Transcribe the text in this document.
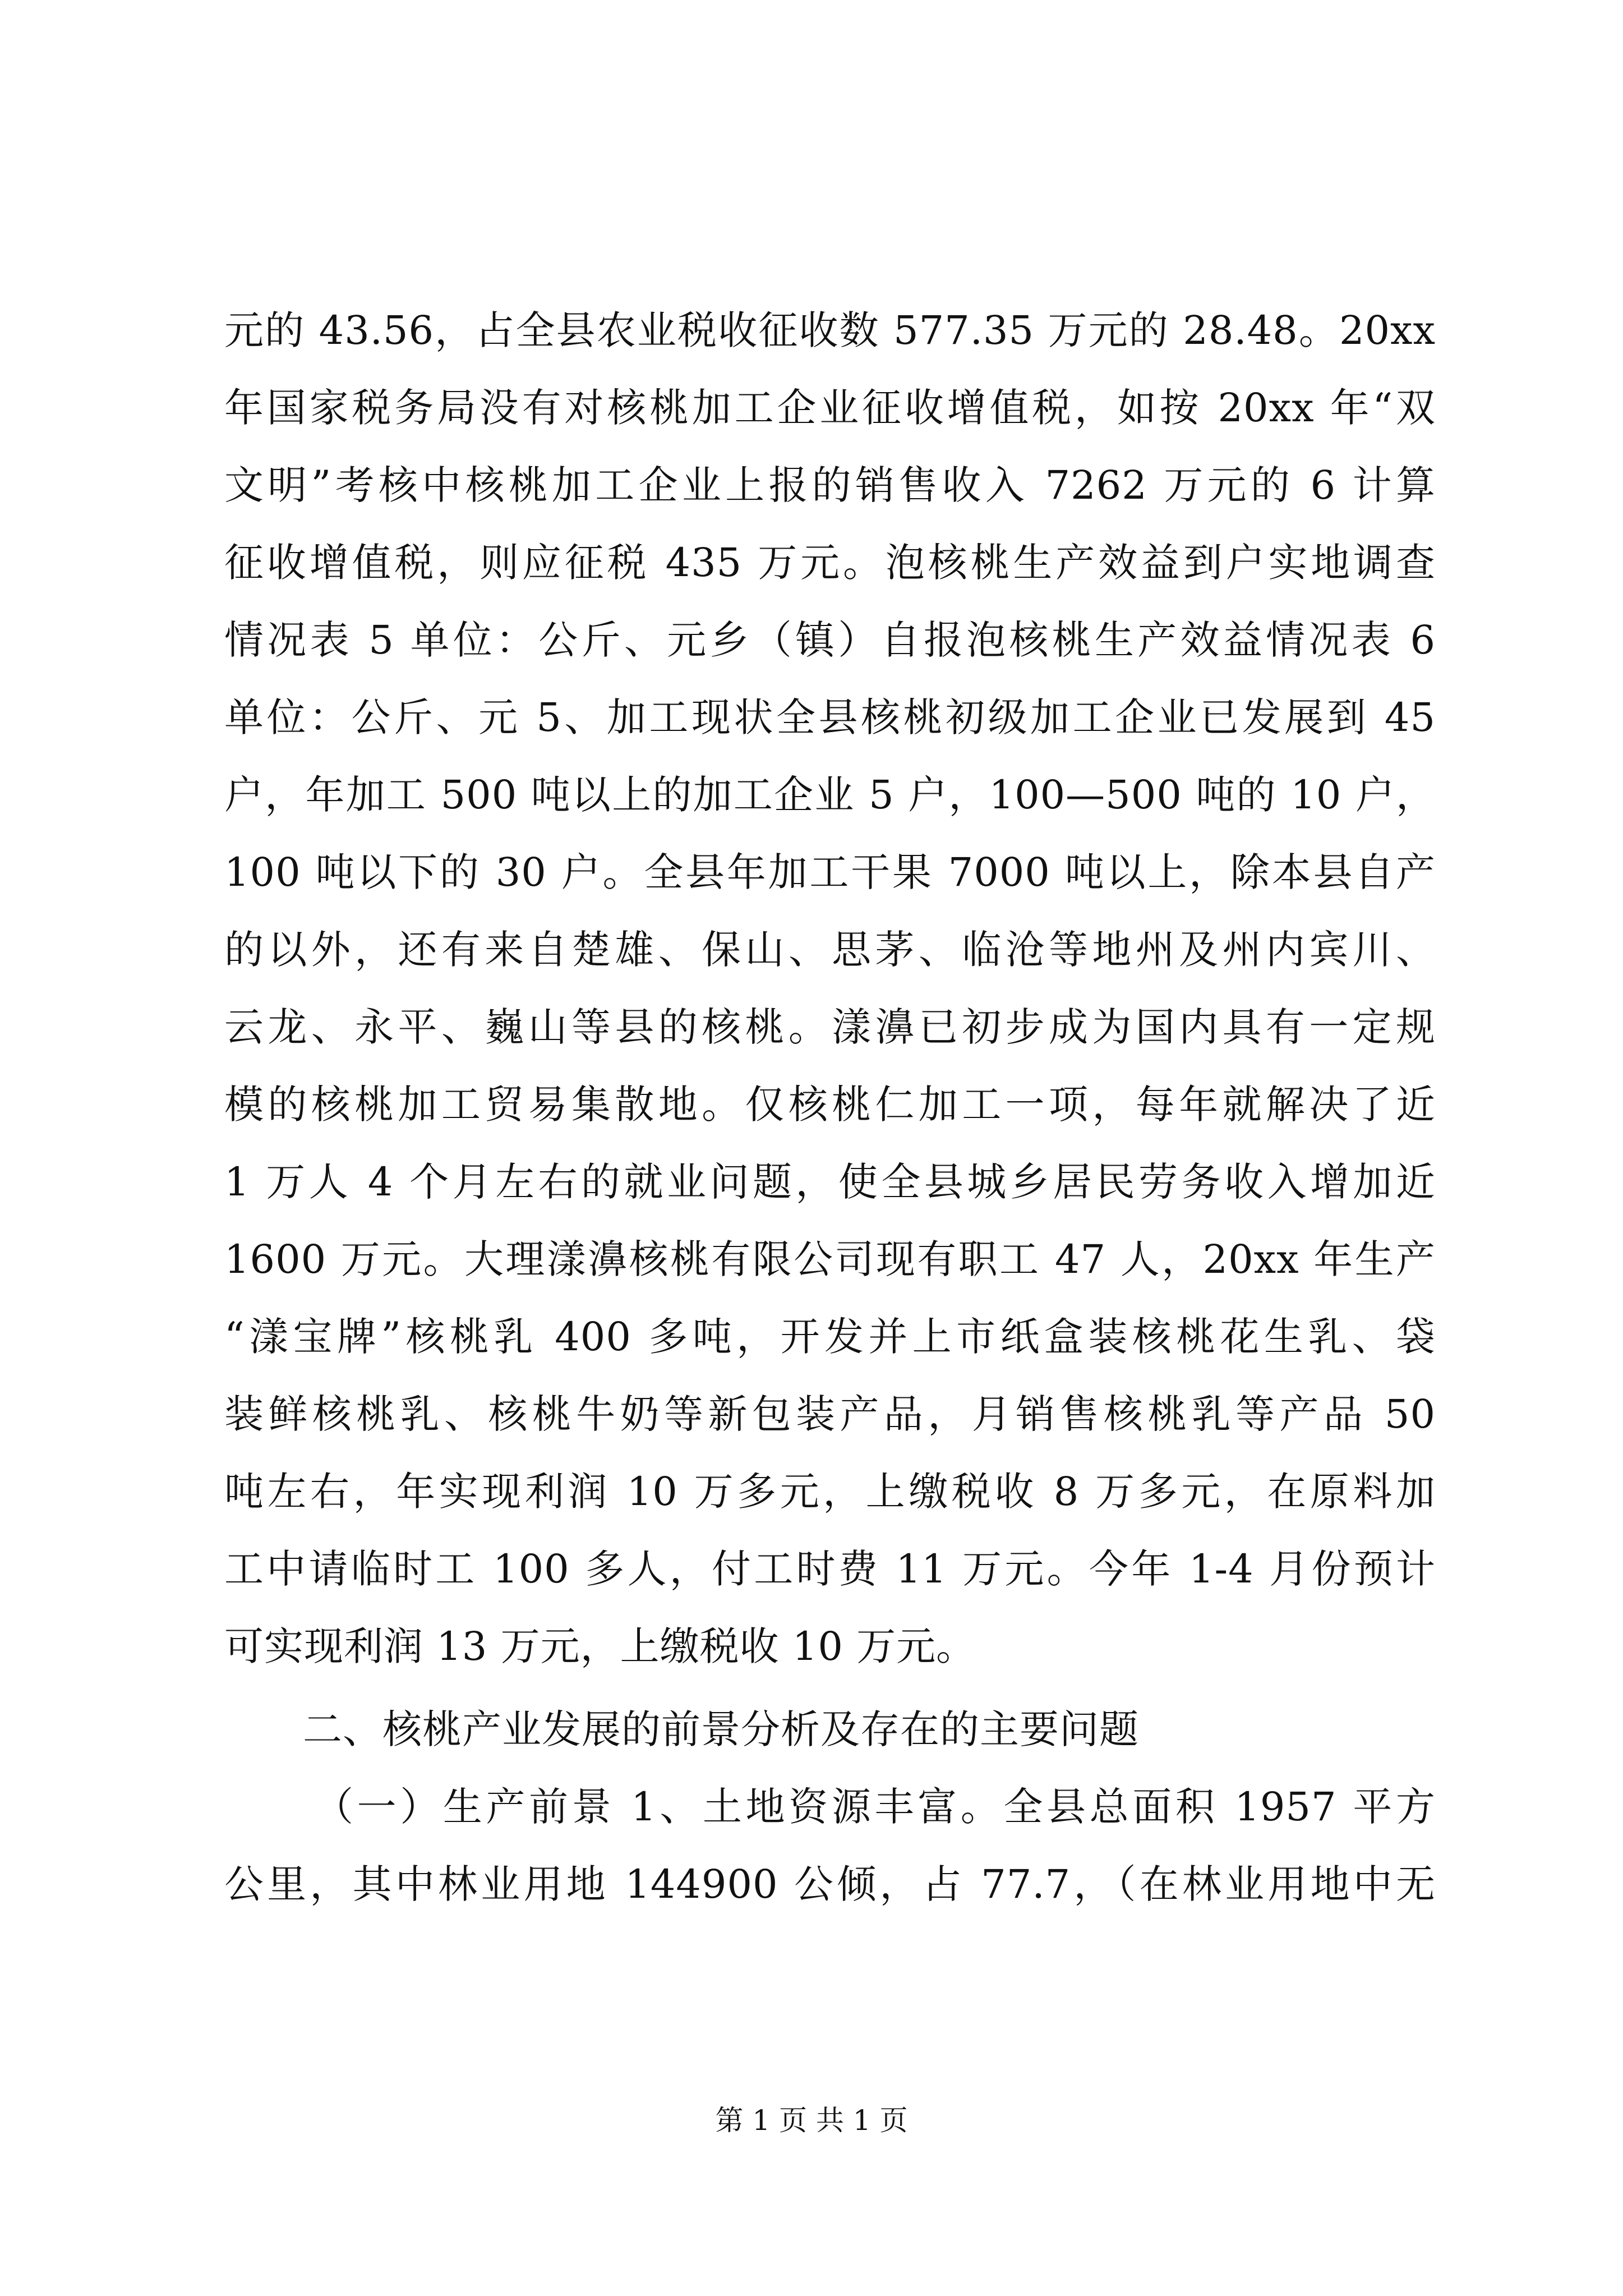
元的 43.56，占全县农业税收征收数 577.35 万元的 28.48。20xx
年国家税务局没有对核桃加工企业征收增值税，如按 20xx 年“双
文明”考核中核桃加工企业上报的销售收入 7262 万元的 6 计算
征收增值税，则应征税 435 万元。泡核桃生产效益到户实地调查
情况表 5 单位：公斤、元乡（镇）自报泡核桃生产效益情况表 6
单位：公斤、元 5、加工现状全县核桃初级加工企业已发展到 45
户，年加工 500 吨以上的加工企业 5 户，100—500 吨的 10 户，
100 吨以下的 30 户。全县年加工干果 7000 吨以上，除本县自产
的以外，还有来自楚雄、保山、思茅、临沧等地州及州内宾川、
云龙、永平、巍山等县的核桃。漾濞已初步成为国内具有一定规
模的核桃加工贸易集散地。仅核桃仁加工一项，每年就解决了近
1 万人 4 个月左右的就业问题，使全县城乡居民劳务收入增加近
1600 万元。大理漾濞核桃有限公司现有职工 47 人，20xx 年生产
“漾宝牌”核桃乳 400 多吨，开发并上市纸盒装核桃花生乳、袋
装鲜核桃乳、核桃牛奶等新包装产品，月销售核桃乳等产品 50
吨左右，年实现利润 10 万多元，上缴税收 8 万多元，在原料加
工中请临时工 100 多人，付工时费 11 万元。今年 1-4 月份预计
可实现利润 13 万元，上缴税收 10 万元。
二、核桃产业发展的前景分析及存在的主要问题
（一）生产前景 1、土地资源丰富。全县总面积 1957 平方
公里，其中林业用地 144900 公倾，占 77.7，（在林业用地中无
第 1 页 共 1 页
